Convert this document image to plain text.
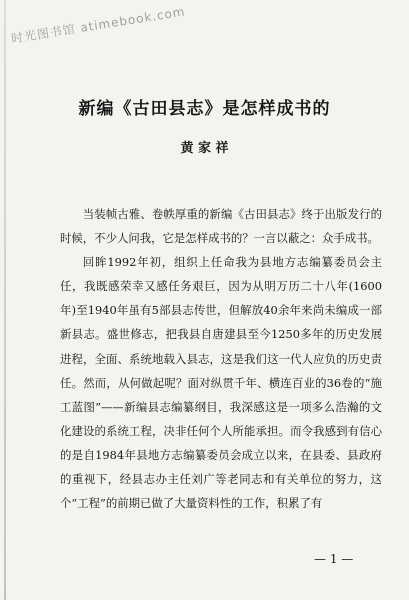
时光图书馆 atimebook.com
新编《古田县志》是怎样成书的
黄 家 祥

当装帧古雅、卷帙厚重的新编《古田县志》终于出版发行的时候，不少人问我，它是怎样成书的？一言以蔽之：众手成书。

回眸1992年初，组织上任命我为县地方志编纂委员会主任，我既感荣幸又感任务艰巨，因为从明万历二十八年(1600年)至1940年虽有5部县志传世，但解放40余年来尚未编成一部新县志。盛世修志，把我县自唐建县至今1250多年的历史发展进程，全面、系统地载入县志，这是我们这一代人应负的历史责任。然而，从何做起呢？面对纵贯千年、横连百业的36卷的“施工蓝图”——新编县志编纂纲目，我深感这是一项多么浩瀚的文化建设的系统工程，决非任何个人所能承担。而令我感到有信心的是自1984年县地方志编纂委员会成立以来，在县委、县政府的重视下，经县志办主任刘广等老同志和有关单位的努力，这个“工程”的前期已做了大量资料性的工作，积累了有

— 1 —
